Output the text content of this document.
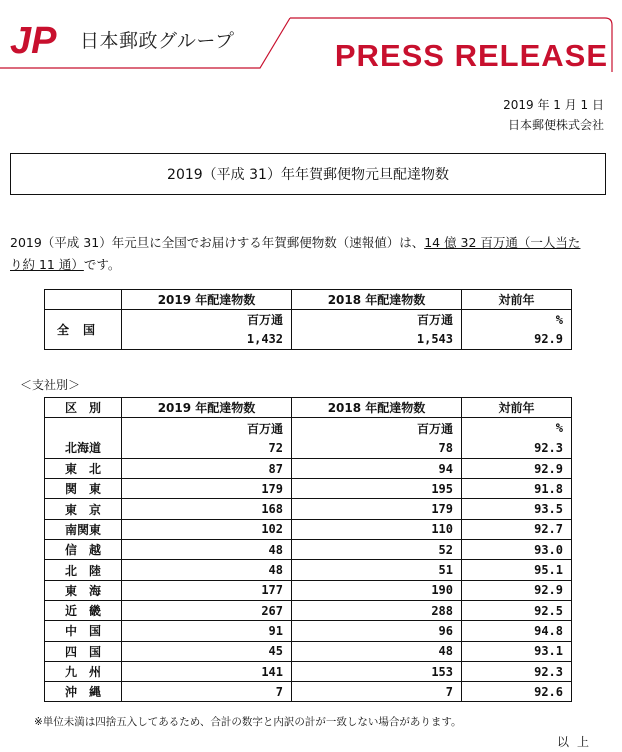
JP 日本郵政グループ	PRESS RELEASE
2019 年 1 月 1 日
日本郵便株式会社
2019（平成 31）年年賀郵便物元旦配達物数
2019（平成 31）年元旦に全国でお届けする年賀郵便物数（速報値）は、14 億 32 百万通（一人当た
り約 11 通）です。
	2019 年配達物数	2018 年配達物数	対前年
全国	百万通	百万通	%
	1,432	1,543	92.9
＜支社別＞
区　別	2019 年配達物数	2018 年配達物数	対前年
	百万通	百万通	%
北海道	72	78	92.3
東北	87	94	92.9
関東	179	195	91.8
東京	168	179	93.5
南関東	102	110	92.7
信越	48	52	93.0
北陸	48	51	95.1
東海	177	190	92.9
近畿	267	288	92.5
中国	91	96	94.8
四国	45	48	93.1
九州	141	153	92.3
沖縄	7	7	92.6
※単位未満は四捨五入してあるため、合計の数字と内訳の計が一致しない場合があります。
以上
